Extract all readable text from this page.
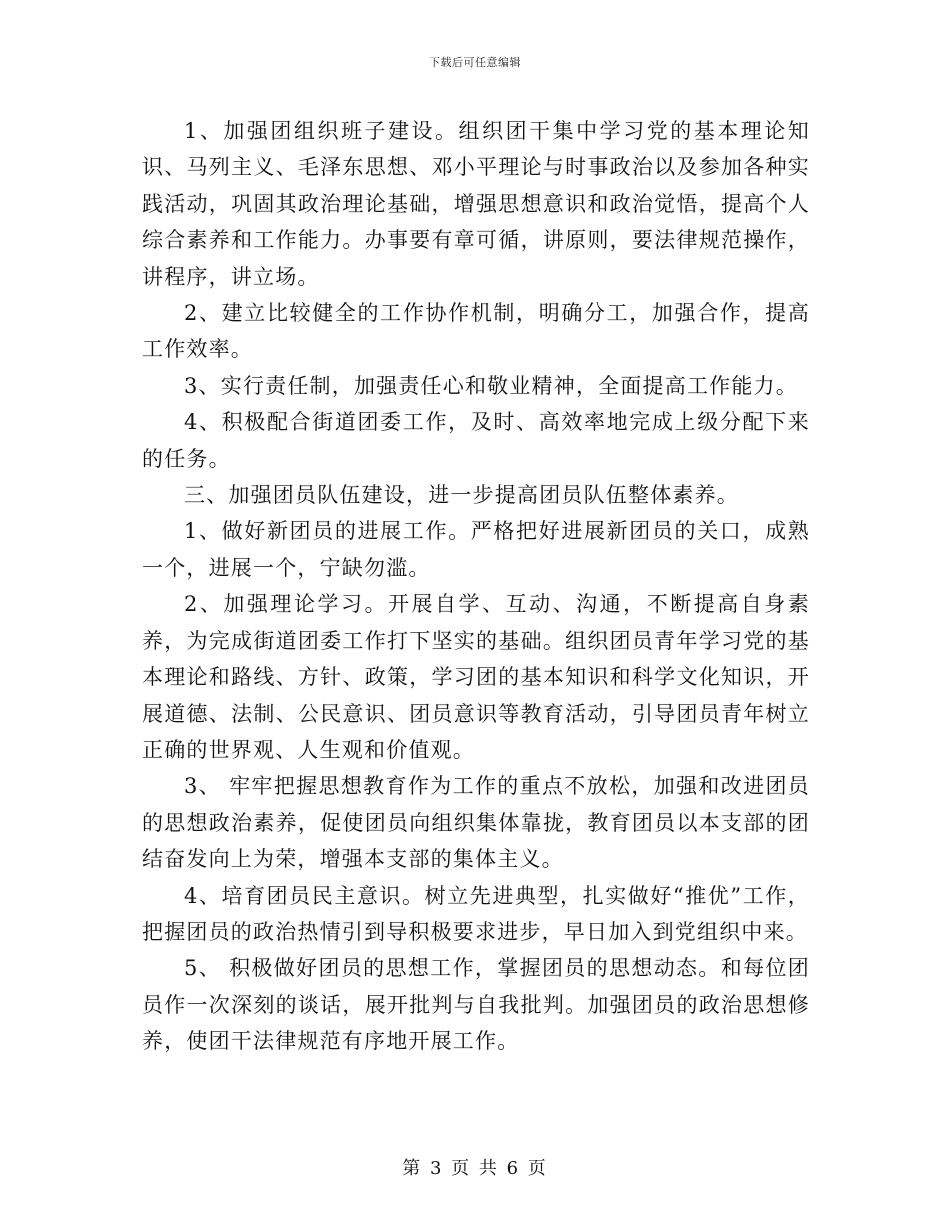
下载后可任意编辑

1、加强团组织班子建设。组织团干集中学习党的基本理论知识、马列主义、毛泽东思想、邓小平理论与时事政治以及参加各种实践活动，巩固其政治理论基础，增强思想意识和政治觉悟，提高个人综合素养和工作能力。办事要有章可循，讲原则，要法律规范操作，讲程序，讲立场。

2、建立比较健全的工作协作机制，明确分工，加强合作，提高工作效率。

3、实行责任制，加强责任心和敬业精神，全面提高工作能力。

4、积极配合街道团委工作，及时、高效率地完成上级分配下来的任务。

三、加强团员队伍建设，进一步提高团员队伍整体素养。

1、做好新团员的进展工作。严格把好进展新团员的关口，成熟一个，进展一个，宁缺勿滥。

2、加强理论学习。开展自学、互动、沟通，不断提高自身素养，为完成街道团委工作打下坚实的基础。组织团员青年学习党的基本理论和路线、方针、政策，学习团的基本知识和科学文化知识，开展道德、法制、公民意识、团员意识等教育活动，引导团员青年树立正确的世界观、人生观和价值观。

3、 牢牢把握思想教育作为工作的重点不放松，加强和改进团员的思想政治素养，促使团员向组织集体靠拢，教育团员以本支部的团结奋发向上为荣，增强本支部的集体主义。

4、培育团员民主意识。树立先进典型，扎实做好“推优”工作，把握团员的政治热情引到导积极要求进步，早日加入到党组织中来。

5、 积极做好团员的思想工作，掌握团员的思想动态。和每位团员作一次深刻的谈话，展开批判与自我批判。加强团员的政治思想修养，使团干法律规范有序地开展工作。

第 3 页 共 6 页
